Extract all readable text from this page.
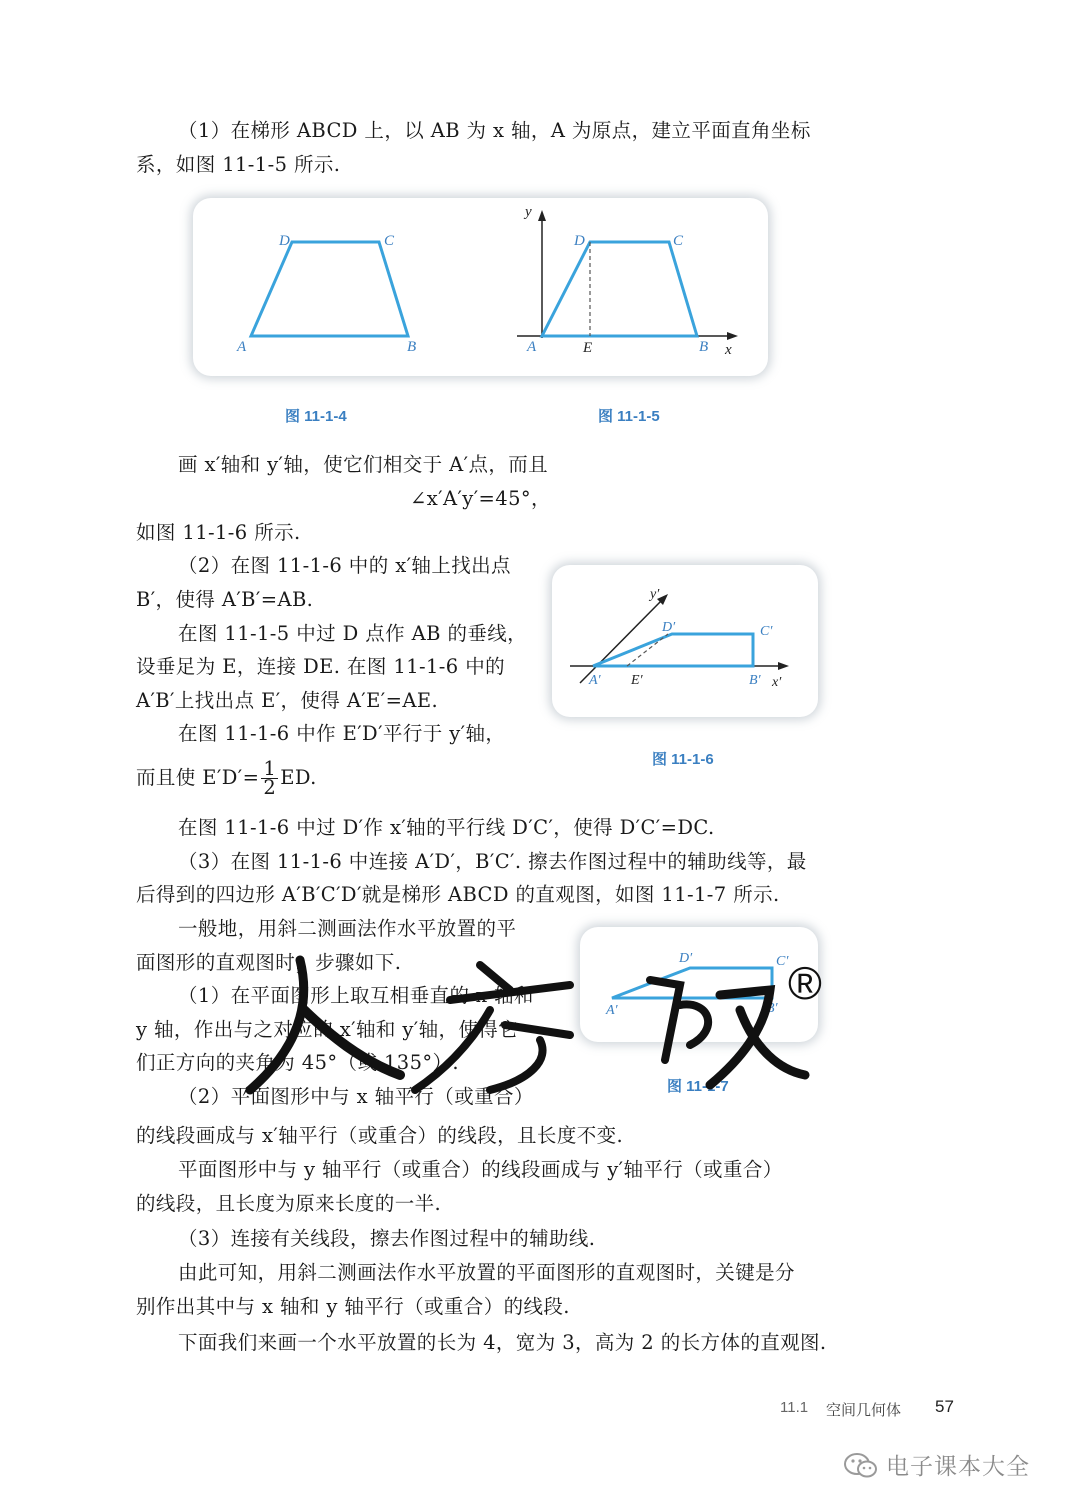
（1）在梯形 ABCD 上，以 AB 为 x 轴，A 为原点，建立平面直角坐标
系，如图 11-1-5 所示.
A	B
C
D
y
x
A	E	B
C
D
y′
x′
A′ E′	B′
C′
D′
图 11-1-4	图 11-1-5
画 x′轴和 y′轴，使它们相交于 A′点，而且
∠x′A′y′=45°，
如图 11-1-6 所示.
图 11-1-6
（2）在图 11-1-6 中的 x′轴上找出点
B′，使得 A′B′=AB.
在图 11-1-5 中过 D 点作 AB 的垂线，
设垂足为 E，连接 DE. 在图 11-1-6 中的
A′B′上找出点 E′，使得 A′E′=AE.
在图 11-1-6 中作 E′D′平行于 y′轴，
而且使 $E'D'= \frac{1}{2}$ ED.
在图 11-1-6 中过 D′作 x′轴的平行线 D′C′，使得 D′C′=DC.
（3）在图 11-1-6 中连接 A′D′，B′C′. 擦去作图过程中的辅助线等，最
后得到的四边形 A′B′C′D′就是梯形 ABCD 的直观图，如图 11-1-7 所示.
A′	B′
C′
D′
图 11-1-7
一般地，用斜二测画法作水平放置的平
面图形的直观图时，步骤如下.
（1）在平面图形上取互相垂直的 x 轴和
y 轴，作出与之对应的 x′轴和 y′轴，使得它
们正方向的夹角为 45°（或 135°）.
（2）平面图形中与 x 轴平行（或重合）
的线段画成与 x′轴平行（或重合）的线段，且长度不变.
®
平面图形中与 y 轴平行（或重合）的线段画成与 y′轴平行（或重合）
的线段，且长度为原来长度的一半.
（3）连接有关线段，擦去作图过程中的辅助线.
由此可知，用斜二测画法作水平放置的平面图形的直观图时，关键是分
别作出其中与 x 轴和 y 轴平行（或重合）的线段.
下面我们来画一个水平放置的长为 4，宽为 3，高为 2 的长方体的直观图.
11.1 空间几何体 57
电子课本大全
